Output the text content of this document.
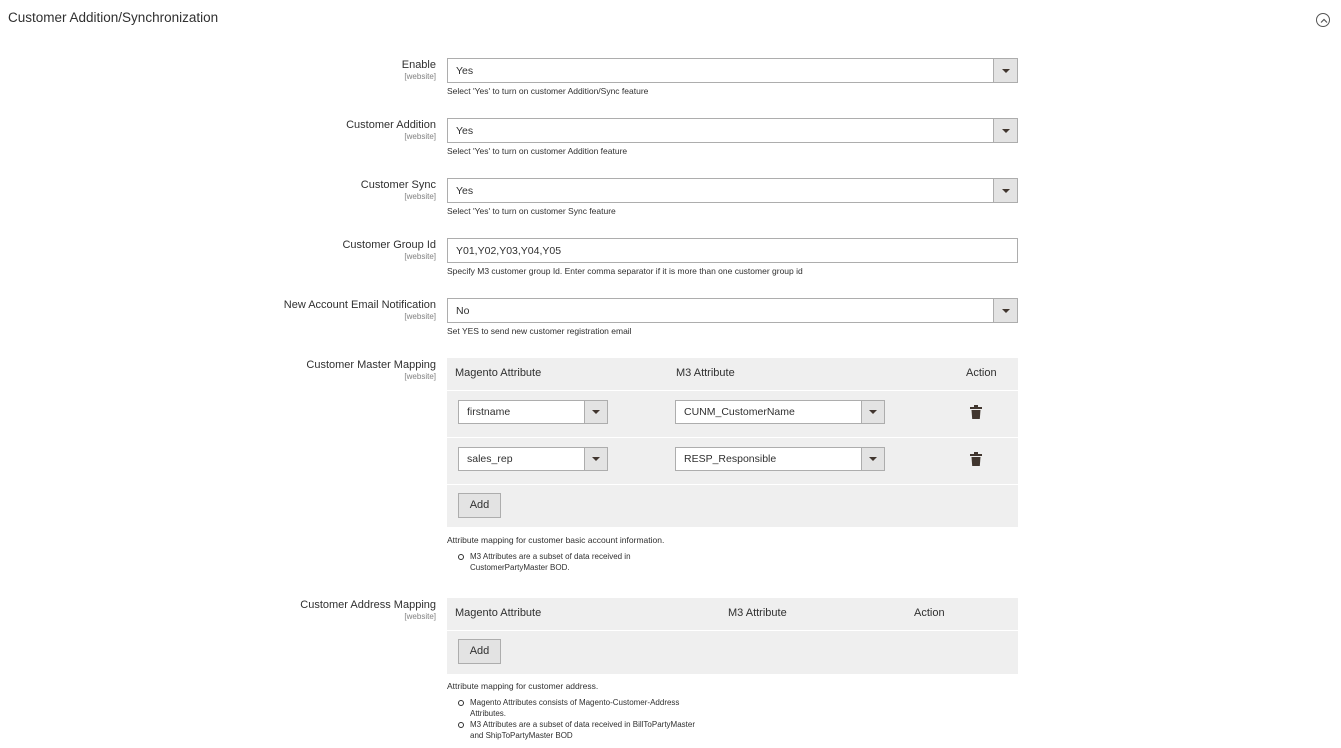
Customer Addition/Synchronization
Enable
[website] Yes
Select 'Yes' to turn on customer Addition/Sync feature
Customer Addition
[website] Yes
Select 'Yes' to turn on customer Addition feature
Customer Sync
[website] Yes
Select 'Yes' to turn on customer Sync feature
Customer Group Id
[website]
Y01,Y02,Y03,Y04,Y05
Specify M3 customer group Id. Enter comma separator if it is more than one customer group id
New Account Email Notification
[website] No
Set YES to send new customer registration email
Customer Master Mapping
[website] Magento Attribute	M3 Attribute	Action
firstname	CUNM_CustomerName
sales_rep	RESP_Responsible
Add
Attribute mapping for customer basic account information.
M3 Attributes are a subset of data received in CustomerPartyMaster BOD.
Customer Address Mapping
[website] Magento Attribute	M3 Attribute	Action
Add
Attribute mapping for customer address.
Magento Attributes consists of Magento-Customer-Address Attributes.
M3 Attributes are a subset of data received in BillToPartyMaster and ShipToPartyMaster BOD
